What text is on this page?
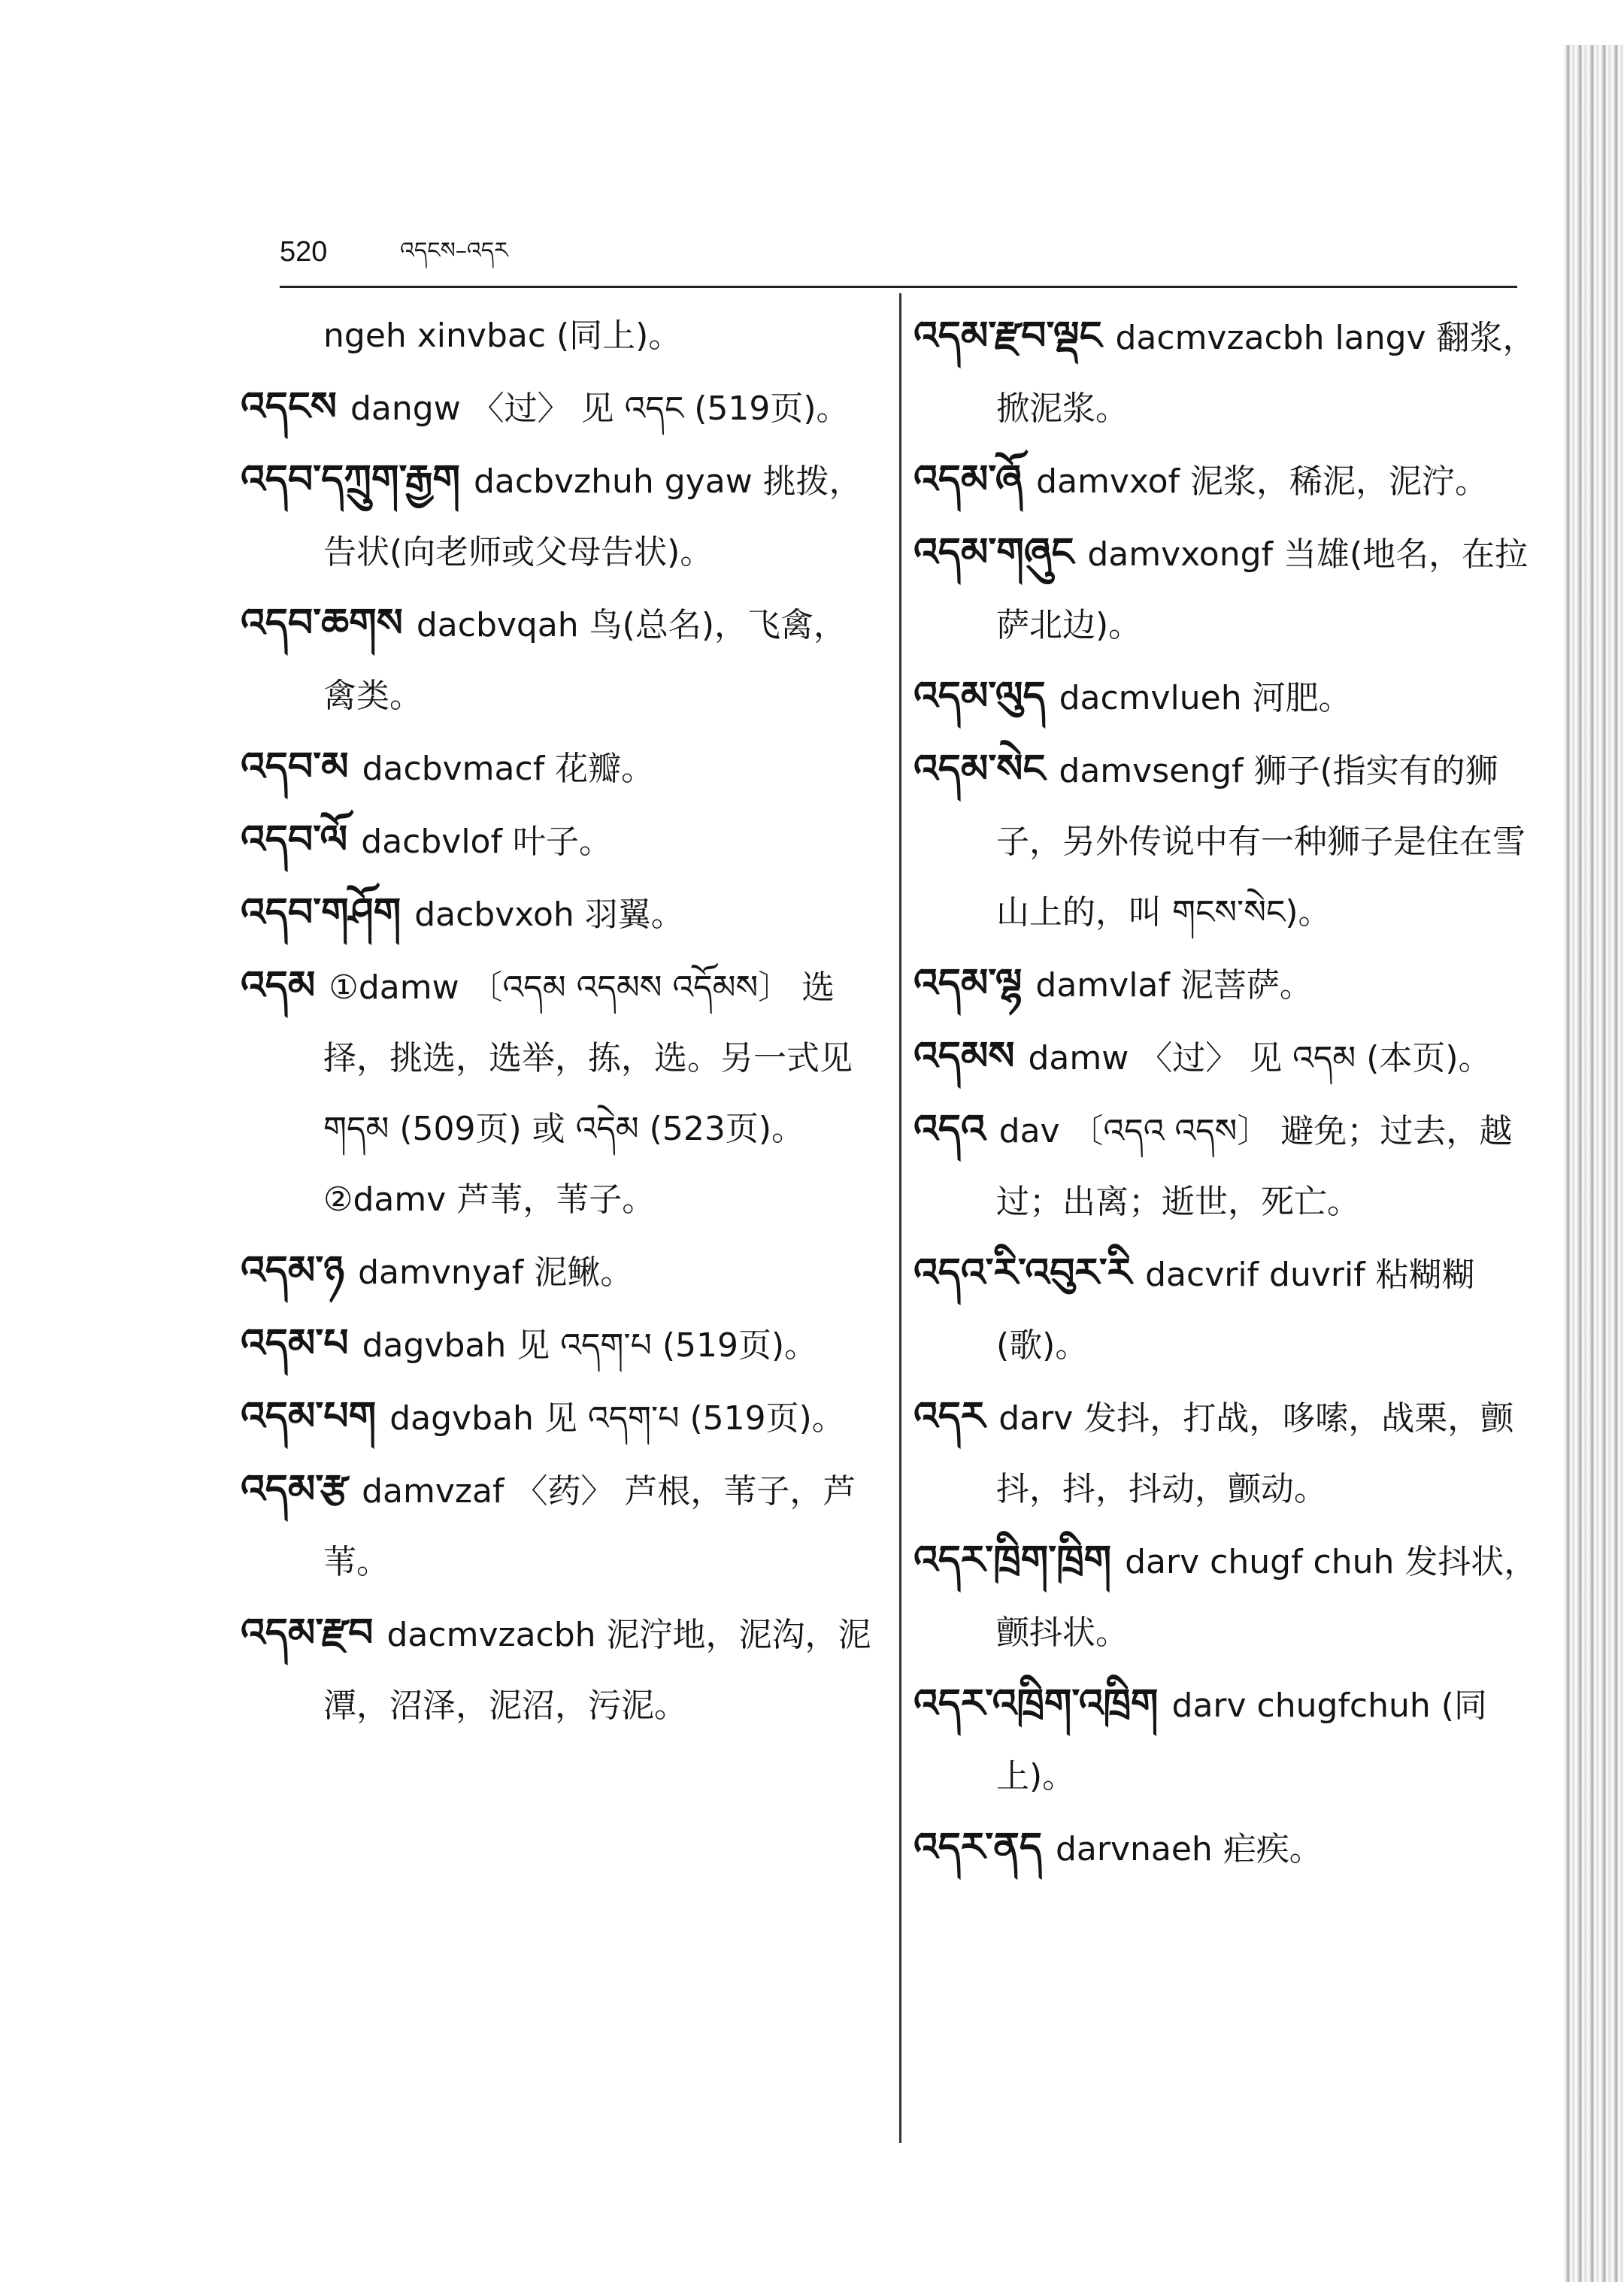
520	འདངས–འདར

ngeh xinvbac (同上)。

འདངས dangw 〈过〉 见 འདང (519页)。

འདབ་དཀྲུག་རྒྱག dacbvzhuh gyaw 挑拨，告状(向老师或父母告状)。

འདབ་ཆགས dacbvqah 鸟(总名)，飞禽，禽类。

འདབ་མ dacbvmacf 花瓣。

འདབ་ལོ dacbvlof 叶子。

འདབ་གཤོག dacbvxoh 羽翼。

འདམ ①damw 〔འདམ འདམས འདོམས〕 选择，挑选，选举，拣，选。另一式见 གདམ (509页) 或 འདེམ (523页)。 ②damv 芦苇，苇子。

འདམ་ཉ damvnyaf 泥鳅。

འདམ་པ dagvbah 见 འདག་པ (519页)。

འདམ་པག dagvbah 见 འདག་པ (519页)。

འདམ་རྩ damvzaf 〈药〉 芦根，苇子，芦苇。

འདམ་རྫབ dacmvzacbh 泥泞地，泥沟，泥潭，沼泽，泥沼，污泥。

འདམ་རྫབ་ལྡང dacmvzacbh langv 翻浆，掀泥浆。

འདམ་ཞོ damvxof 泥浆，稀泥，泥泞。

འདམ་གཞུང damvxongf 当雄(地名，在拉萨北边)。

འདམ་ལུད dacmvlueh 河肥。

འདམ་སེང damvsengf 狮子(指实有的狮子，另外传说中有一种狮子是住在雪山上的，叫 གངས་སེང)。

འདམ་ལྷ damvlaf 泥菩萨。

འདམས damw 〈过〉 见 འདམ (本页)。

འདའ dav 〔འདའ འདས〕 避免；过去，越过；出离；逝世，死亡。

འདའ་རི་འབུར་རི dacvrif duvrif 粘糊糊(歌)。

འདར darv 发抖，打战，哆嗦，战栗，颤抖，抖，抖动，颤动。

འདར་ཁྲིག་ཁྲིག darv chugf chuh 发抖状，颤抖状。

འདར་འཁྲིག་འཁྲིག darv chugfchuh (同上)。

འདར་ནད darvnaeh 疟疾。
